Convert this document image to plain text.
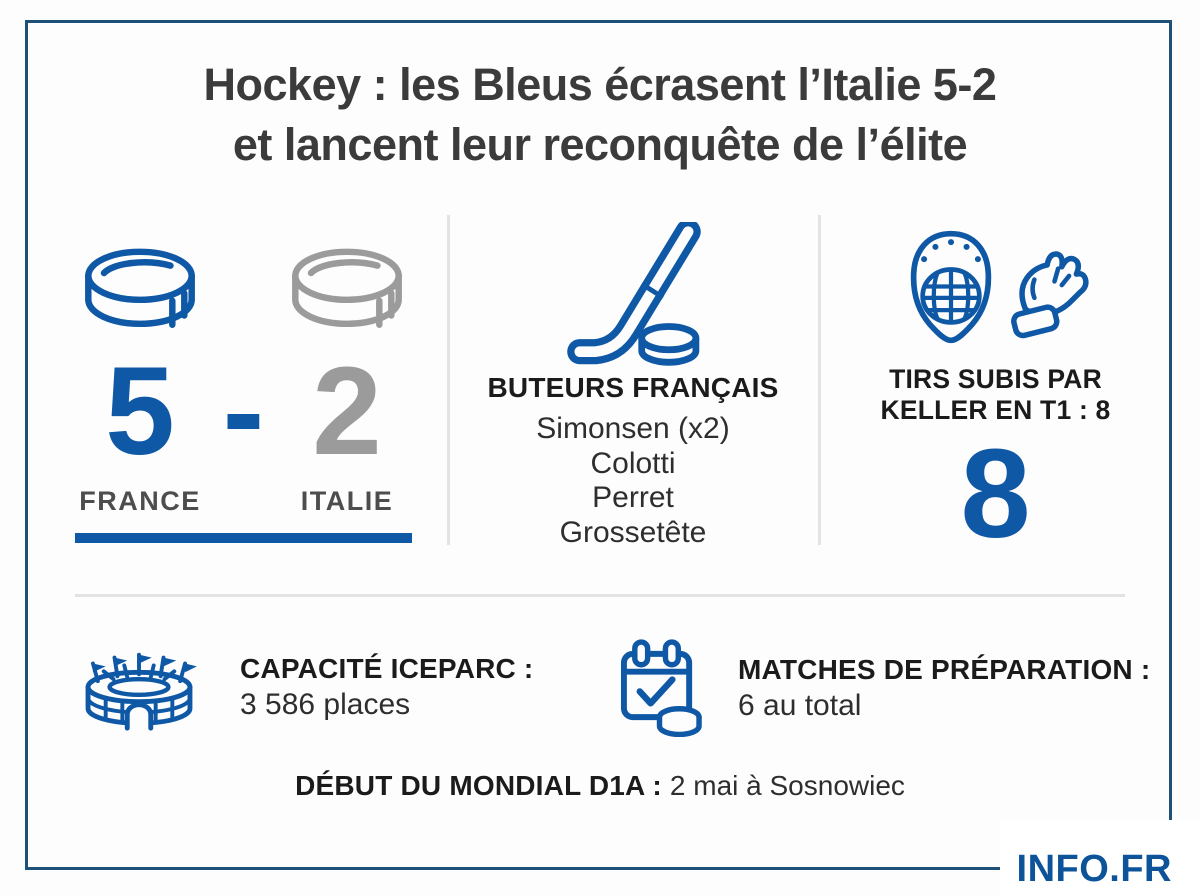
Hockey : les Bleus écrasent l’Italie 5-2
et lancent leur reconquête de l’élite
5 - 2
FRANCE	ITALIE
BUTEURS FRANÇAIS
Simonsen (x2)
Colotti
Perret
Grossetête
TIRS SUBIS PAR
KELLER EN T1 : 8
8
CAPACITÉ ICEPARC :
3 586 places
MATCHES DE PRÉPARATION :
6 au total
DÉBUT DU MONDIAL D1A : 2 mai à Sosnowiec
INFO.FR
